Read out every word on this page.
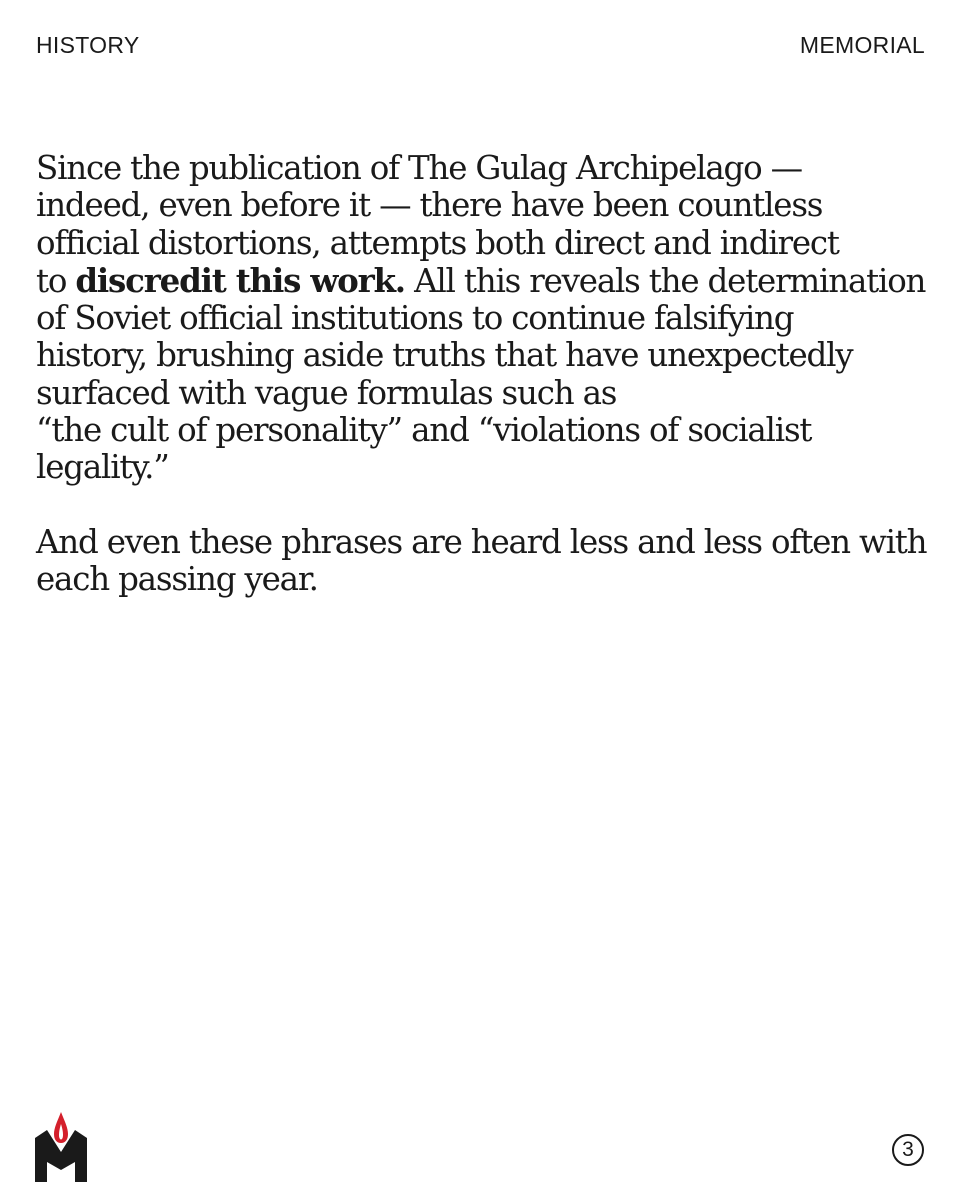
HISTORY	MEMORIAL
Since the publication of The Gulag Archipelago —
indeed, even before it — there have been countless
official distortions, attempts both direct and indirect
to discredit this work. All this reveals the determination
of Soviet official institutions to continue falsifying
history, brushing aside truths that have unexpectedly
surfaced with vague formulas such as
“the cult of personality” and “violations of socialist
legality.”
And even these phrases are heard less and less often with
each passing year.
3
